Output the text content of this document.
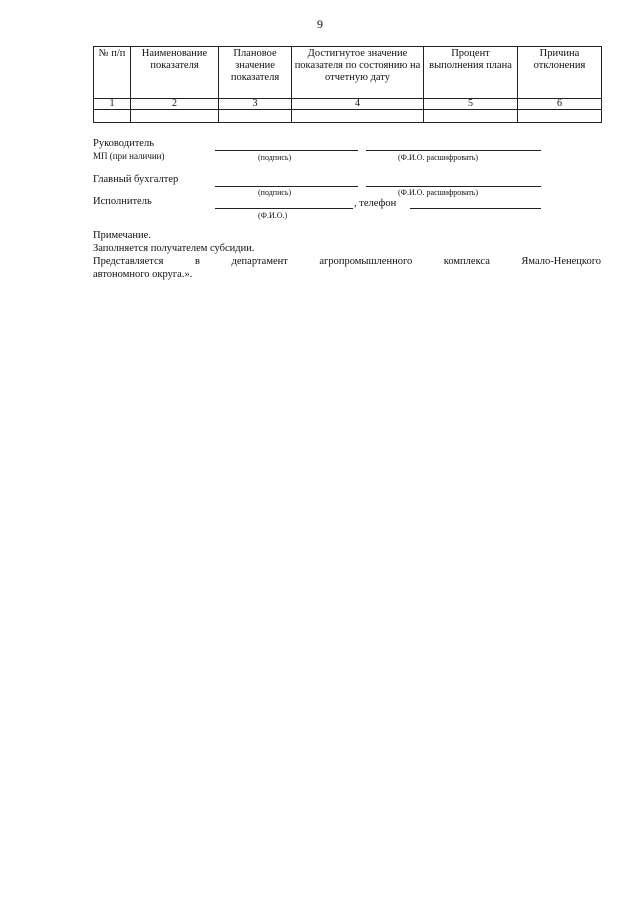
9
№ п/п	Наименование показателя	Плановое значение показателя	Достигнутое значение показателя по состоянию на отчетную дату	Процент выполнения плана	Причина отклонения
1	2	3	4	5	6

Руководитель
МП (при наличии)	(подпись)	(Ф.И.О. расшифровать)
Главный бухгалтер
(подпись)	(Ф.И.О. расшифровать)
Исполнитель	, телефон
(Ф.И.О.)
Примечание.
Заполняется получателем субсидии.
Представляется в департамент агропромышленного комплекса Ямало-Ненецкого
автономного округа.».
